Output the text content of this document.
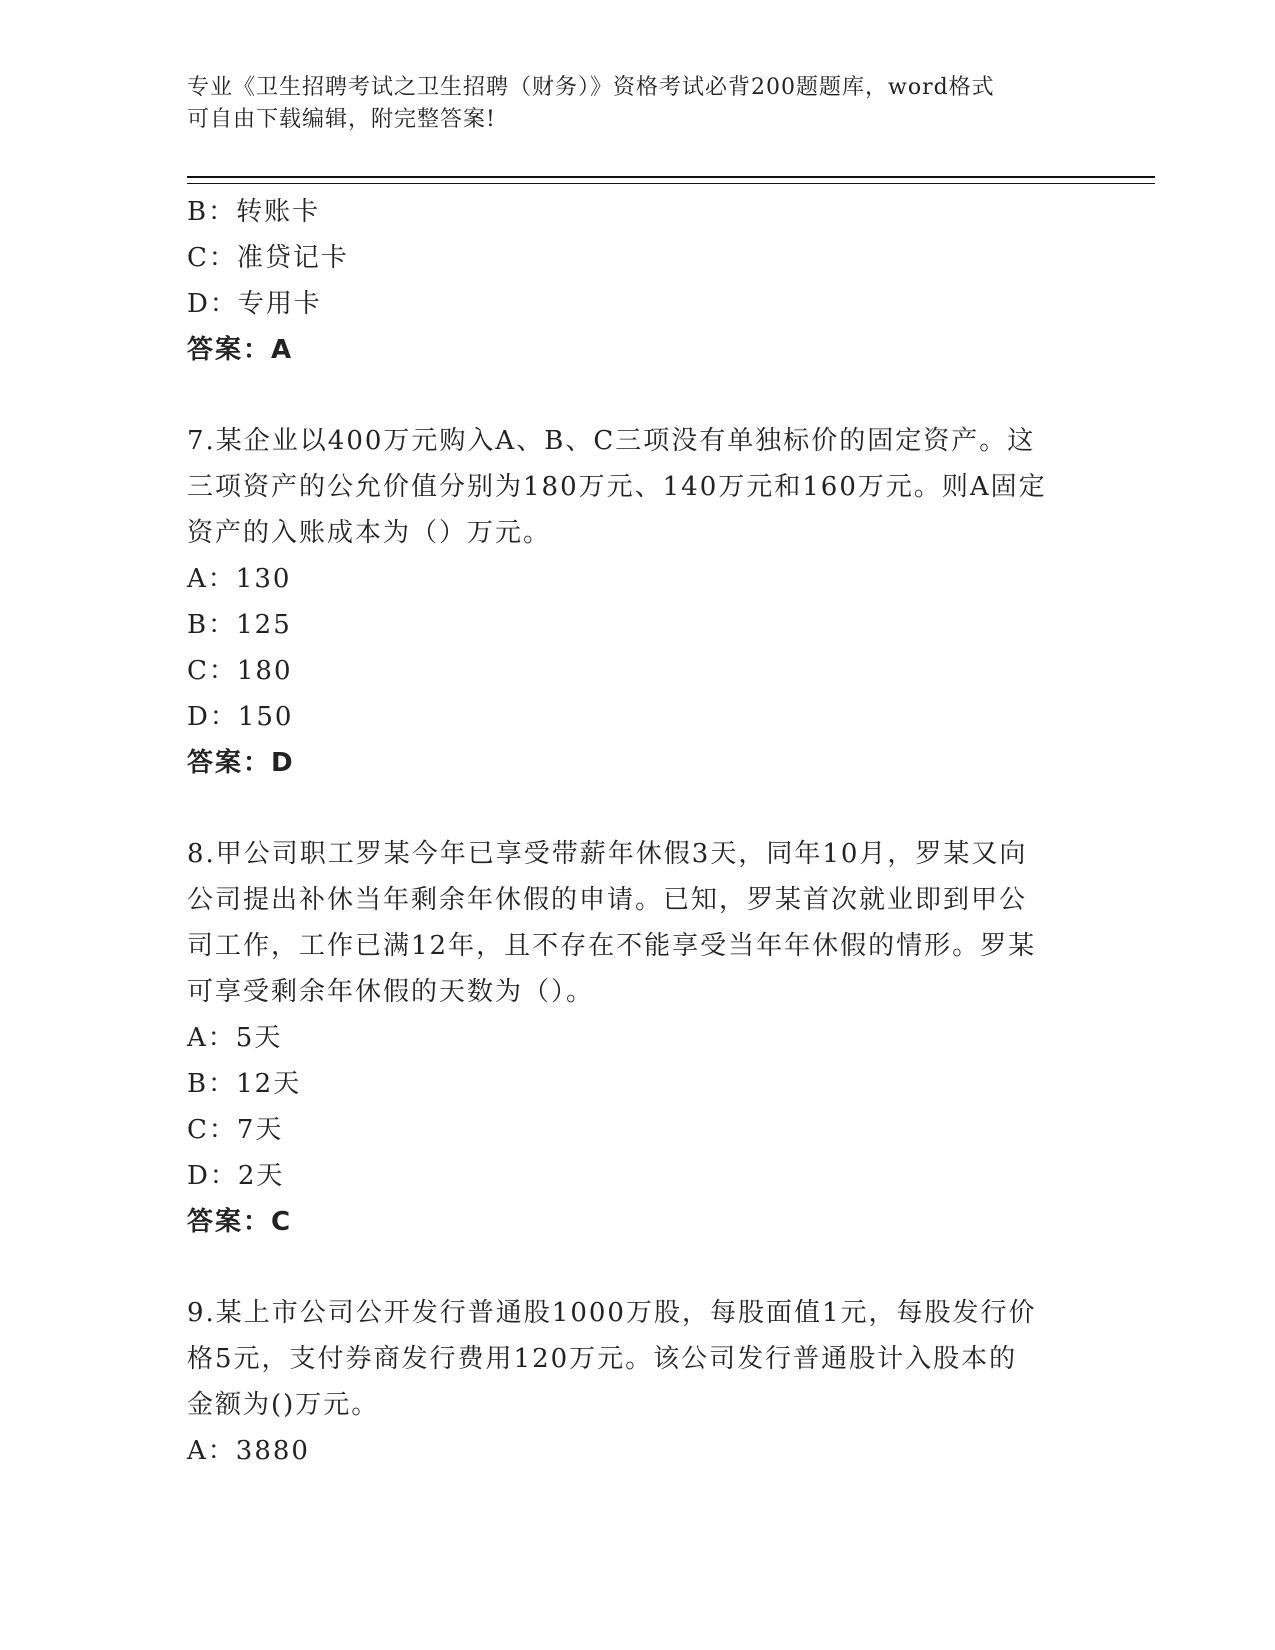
专业《卫生招聘考试之卫生招聘（财务）》资格考试必背200题题库，word格式
可自由下载编辑，附完整答案!
B：转账卡
C：准贷记卡
D：专用卡
答案：A
7.某企业以400万元购入A、B、C三项没有单独标价的固定资产。这
三项资产的公允价值分别为180万元、140万元和160万元。则A固定
资产的入账成本为（）万元。
A：130
B：125
C：180
D：150
答案：D
8.甲公司职工罗某今年已享受带薪年休假3天，同年10月，罗某又向
公司提出补休当年剩余年休假的申请。已知，罗某首次就业即到甲公
司工作，工作已满12年，且不存在不能享受当年年休假的情形。罗某
可享受剩余年休假的天数为（）。
A：5天
B：12天
C：7天
D：2天
答案：C
9.某上市公司公开发行普通股1000万股，每股面值1元，每股发行价
格5元，支付券商发行费用120万元。该公司发行普通股计入股本的
金额为()万元。
A：3880
